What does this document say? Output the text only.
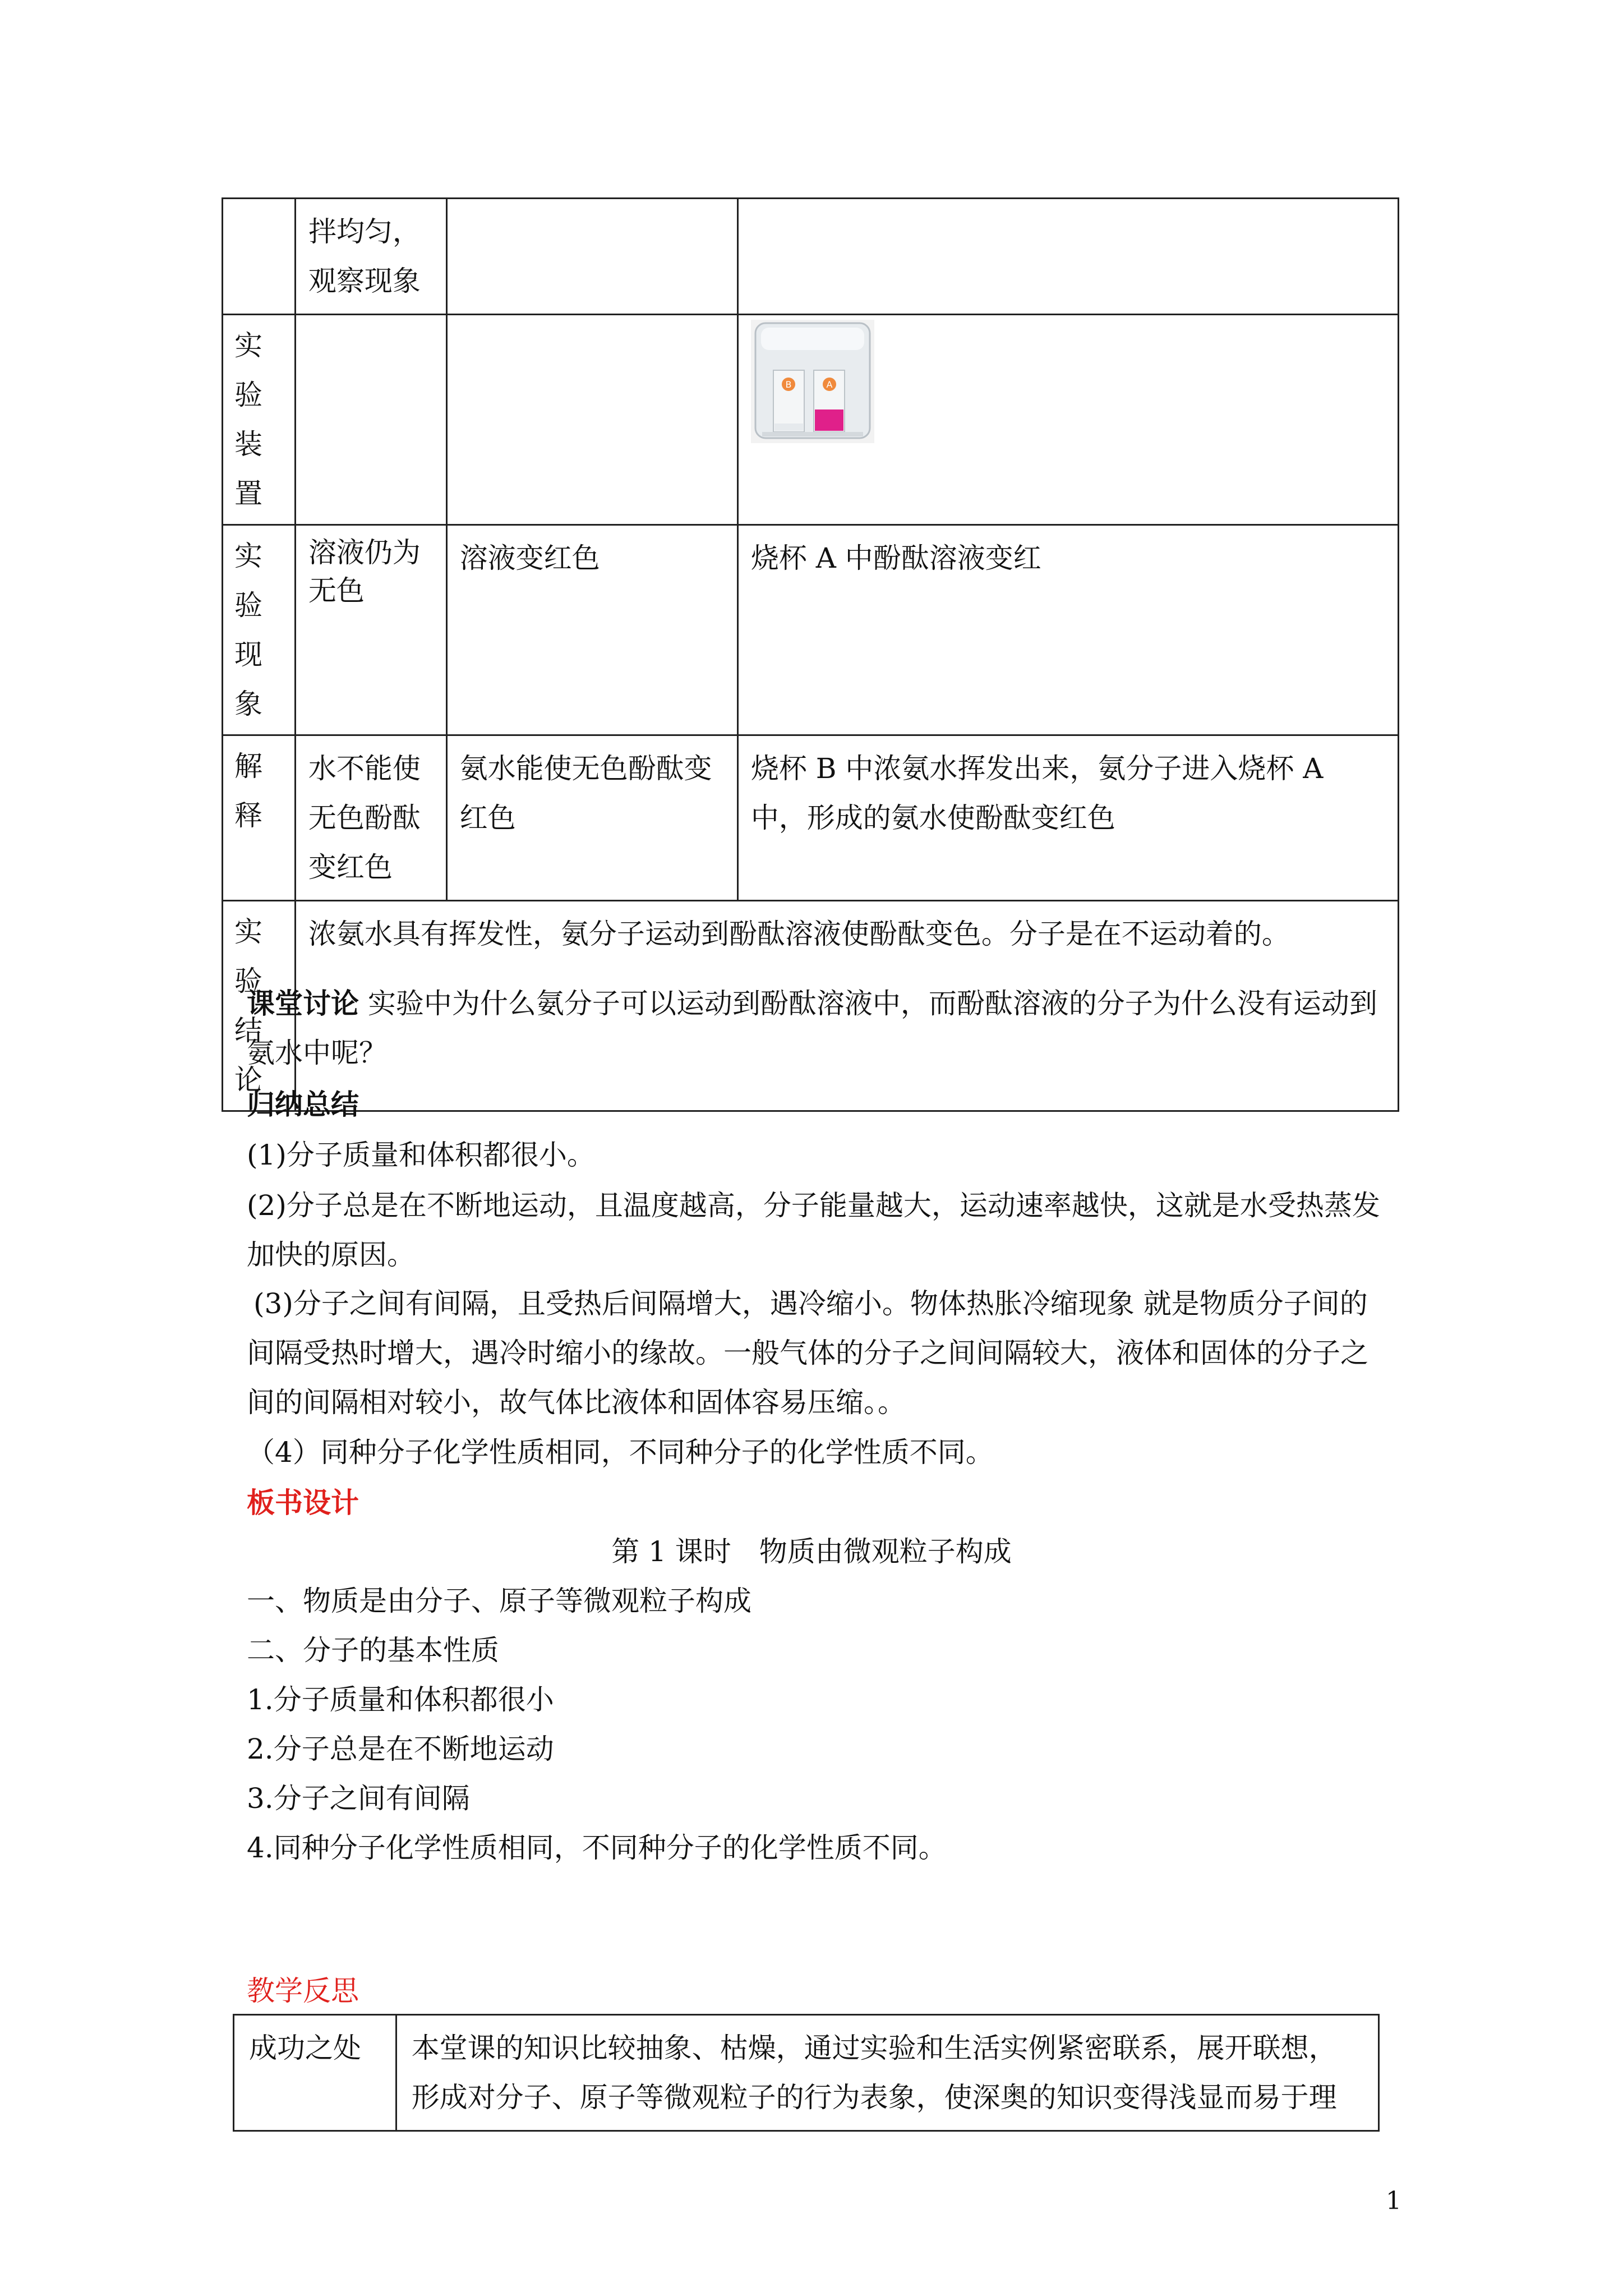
	拌均匀，观察现象		

实
验
装
置			B A

实
验
现
象	溶液仍为无色	溶液变红色	烧杯 A 中酚酞溶液变红

解
释	水不能使无色酚酞变红色	氨水能使无色酚酞变红色	烧杯 B 中浓氨水挥发出来，氨分子进入烧杯 A 中，形成的氨水使酚酞变红色

实
验
结
论	浓氨水具有挥发性，氨分子运动到酚酞溶液使酚酞变色。分子是在不运动着的。		
课堂讨论 实验中为什么氨分子可以运动到酚酞溶液中，而酚酞溶液的分子为什么没有运动到氨水中呢？
归纳总结
(1)分子质量和体积都很小。
(2)分子总是在不断地运动，且温度越高，分子能量越大，运动速率越快，这就是水受热蒸发加快的原因。
(3)分子之间有间隔，且受热后间隔增大，遇冷缩小。物体热胀冷缩现象 就是物质分子间的间隔受热时增大，遇冷时缩小的缘故。一般气体的分子之间间隔较大，液体和固体的分子之间的间隔相对较小，故气体比液体和固体容易压缩。。
（4）同种分子化学性质相同，不同种分子的化学性质不同。
板书设计
第 1 课时　物质由微观粒子构成
一、物质是由分子、原子等微观粒子构成
二、分子的基本性质
1.分子质量和体积都很小
2.分子总是在不断地运动
3.分子之间有间隔
4.同种分子化学性质相同，不同种分子的化学性质不同。
教学反思
成功之处	本堂课的知识比较抽象、枯燥，通过实验和生活实例紧密联系，展开联想，形成对分子、原子等微观粒子的行为表象，使深奥的知识变得浅显而易于理
1
